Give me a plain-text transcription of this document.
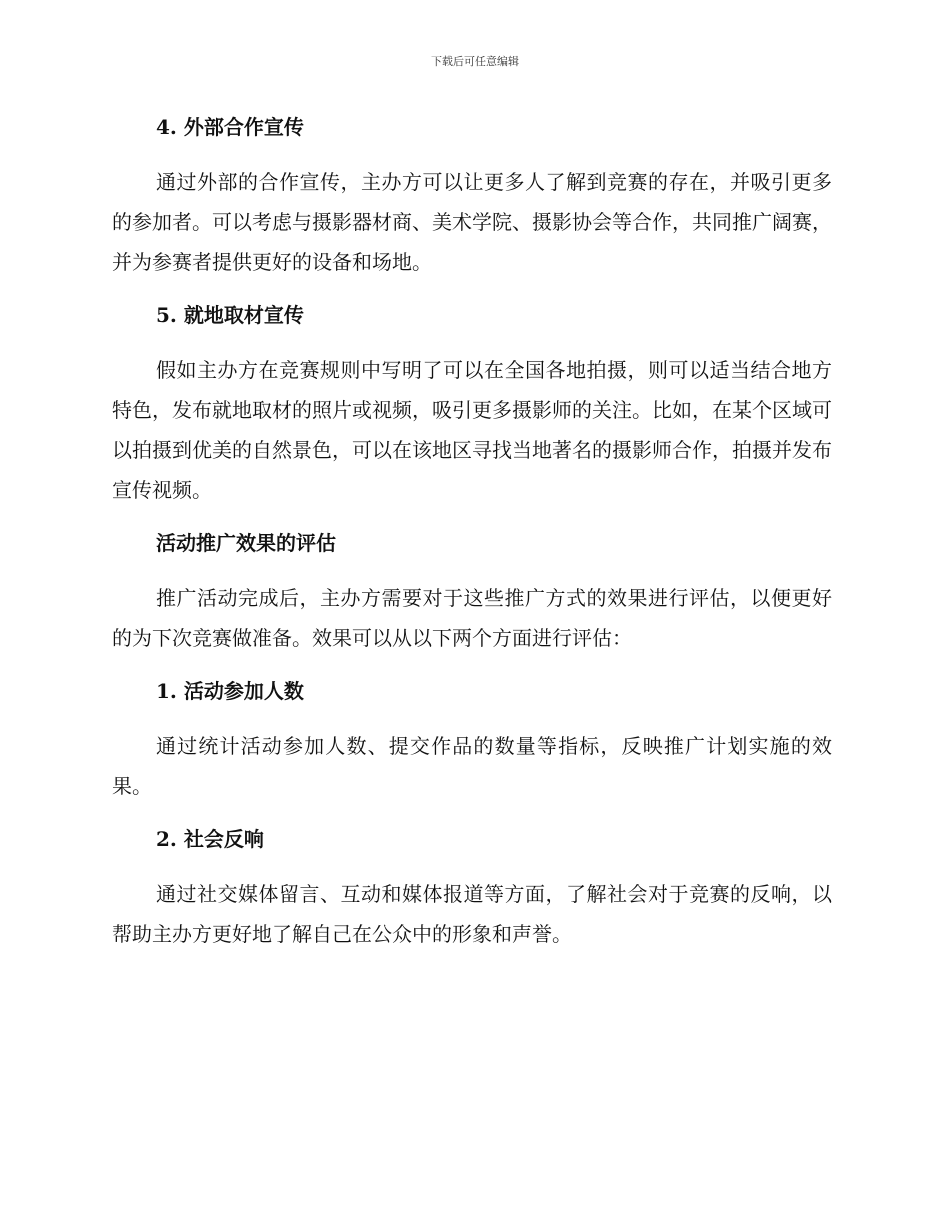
下载后可任意编辑
4. 外部合作宣传

通过外部的合作宣传，主办方可以让更多人了解到竞赛的存在，并吸引更多的参加者。可以考虑与摄影器材商、美术学院、摄影协会等合作，共同推广阔赛，并为参赛者提供更好的设备和场地。

5. 就地取材宣传

假如主办方在竞赛规则中写明了可以在全国各地拍摄，则可以适当结合地方特色，发布就地取材的照片或视频，吸引更多摄影师的关注。比如，在某个区域可以拍摄到优美的自然景色，可以在该地区寻找当地著名的摄影师合作，拍摄并发布宣传视频。

活动推广效果的评估

推广活动完成后，主办方需要对于这些推广方式的效果进行评估，以便更好的为下次竞赛做准备。效果可以从以下两个方面进行评估：

1. 活动参加人数

通过统计活动参加人数、提交作品的数量等指标，反映推广计划实施的效果。

2. 社会反响

通过社交媒体留言、互动和媒体报道等方面，了解社会对于竞赛的反响，以帮助主办方更好地了解自己在公众中的形象和声誉。
